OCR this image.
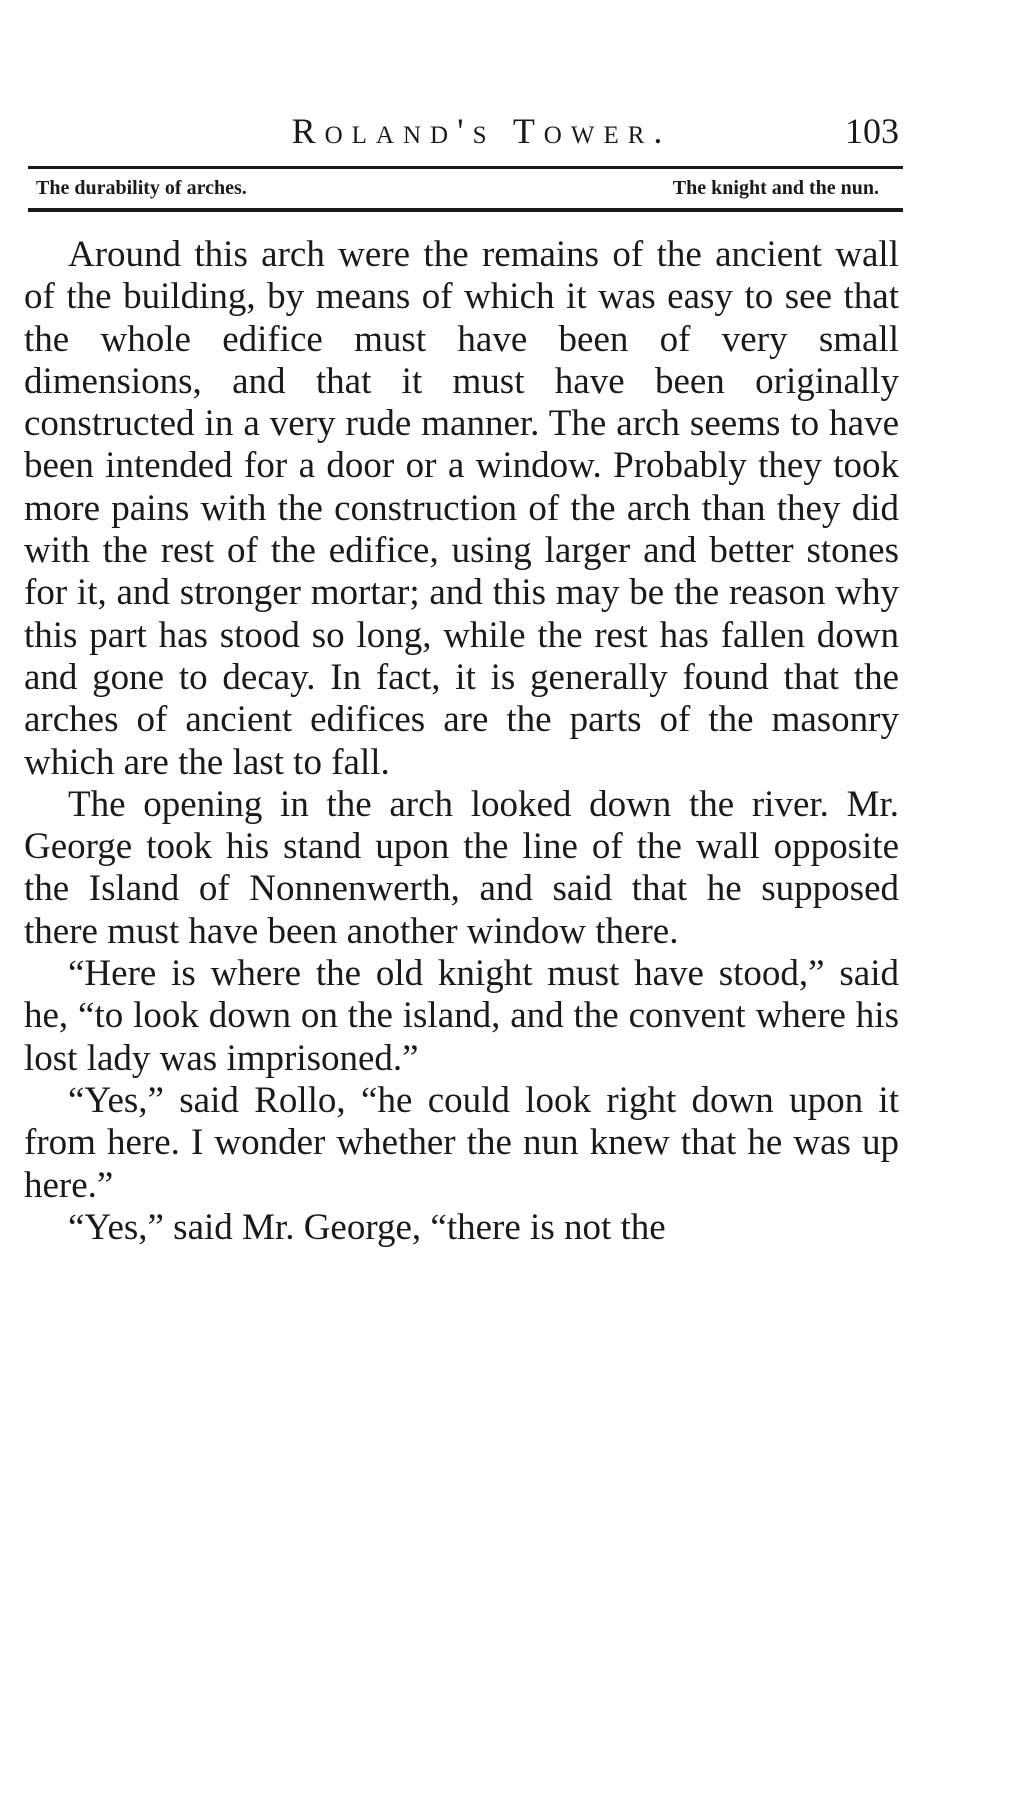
Roland's Tower.	103
The durability of arches.	The knight and the nun.

Around this arch were the remains of the ancient wall of the building, by means of which it was easy to see that the whole edifice must have been of very small dimensions, and that it must have been originally constructed in a very rude manner. The arch seems to have been intended for a door or a window. Probably they took more pains with the construction of the arch than they did with the rest of the edifice, using larger and better stones for it, and stronger mortar; and this may be the reason why this part has stood so long, while the rest has fallen down and gone to decay. In fact, it is generally found that the arches of ancient edifices are the parts of the masonry which are the last to fall.

The opening in the arch looked down the river. Mr. George took his stand upon the line of the wall opposite the Island of Nonnenwerth, and said that he supposed there must have been another window there.

“Here is where the old knight must have stood,” said he, “to look down on the island, and the convent where his lost lady was imprisoned.”

“Yes,” said Rollo, “he could look right down upon it from here. I wonder whether the nun knew that he was up here.”

“Yes,” said Mr. George, “there is not the
